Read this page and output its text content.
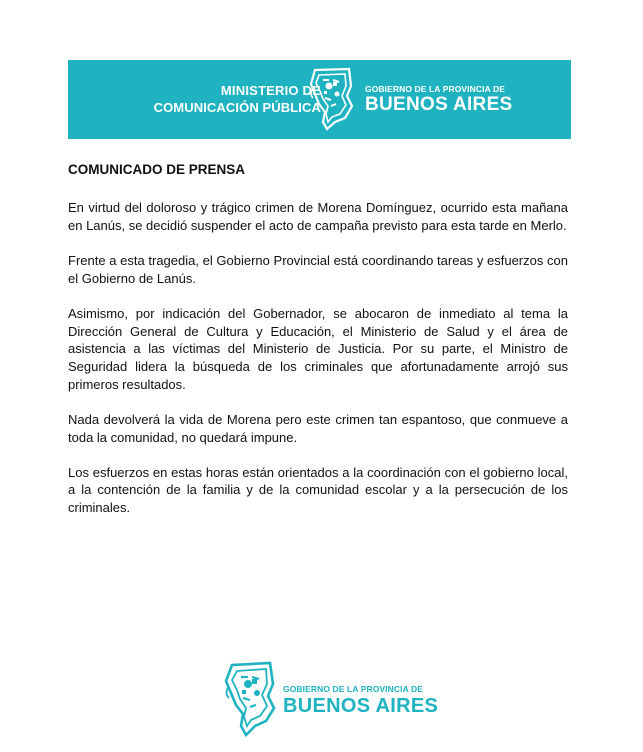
MINISTERIO DE
COMUNICACIÓN PÚBLICA
GOBIERNO DE LA PROVINCIA DE
BUENOS AIRES
COMUNICADO DE PRENSA

En virtud del doloroso y trágico crimen de Morena Domínguez, ocurrido esta mañana en Lanús, se decidió suspender el acto de campaña previsto para esta tarde en Merlo.

Frente a esta tragedia, el Gobierno Provincial está coordinando tareas y esfuerzos con el Gobierno de Lanús.

Asimismo, por indicación del Gobernador, se abocaron de inmediato al tema la Dirección General de Cultura y Educación, el Ministerio de Salud y el área de asistencia a las víctimas del Ministerio de Justicia. Por su parte, el Ministro de Seguridad lidera la búsqueda de los criminales que afortunadamente arrojó sus primeros resultados.

Nada devolverá la vida de Morena pero este crimen tan espantoso, que conmueve a toda la comunidad, no quedará impune.

Los esfuerzos en estas horas están orientados a la coordinación con el gobierno local, a la contención de la familia y de la comunidad escolar y a la persecución de los criminales.

GOBIERNO DE LA PROVINCIA DE
BUENOS AIRES
